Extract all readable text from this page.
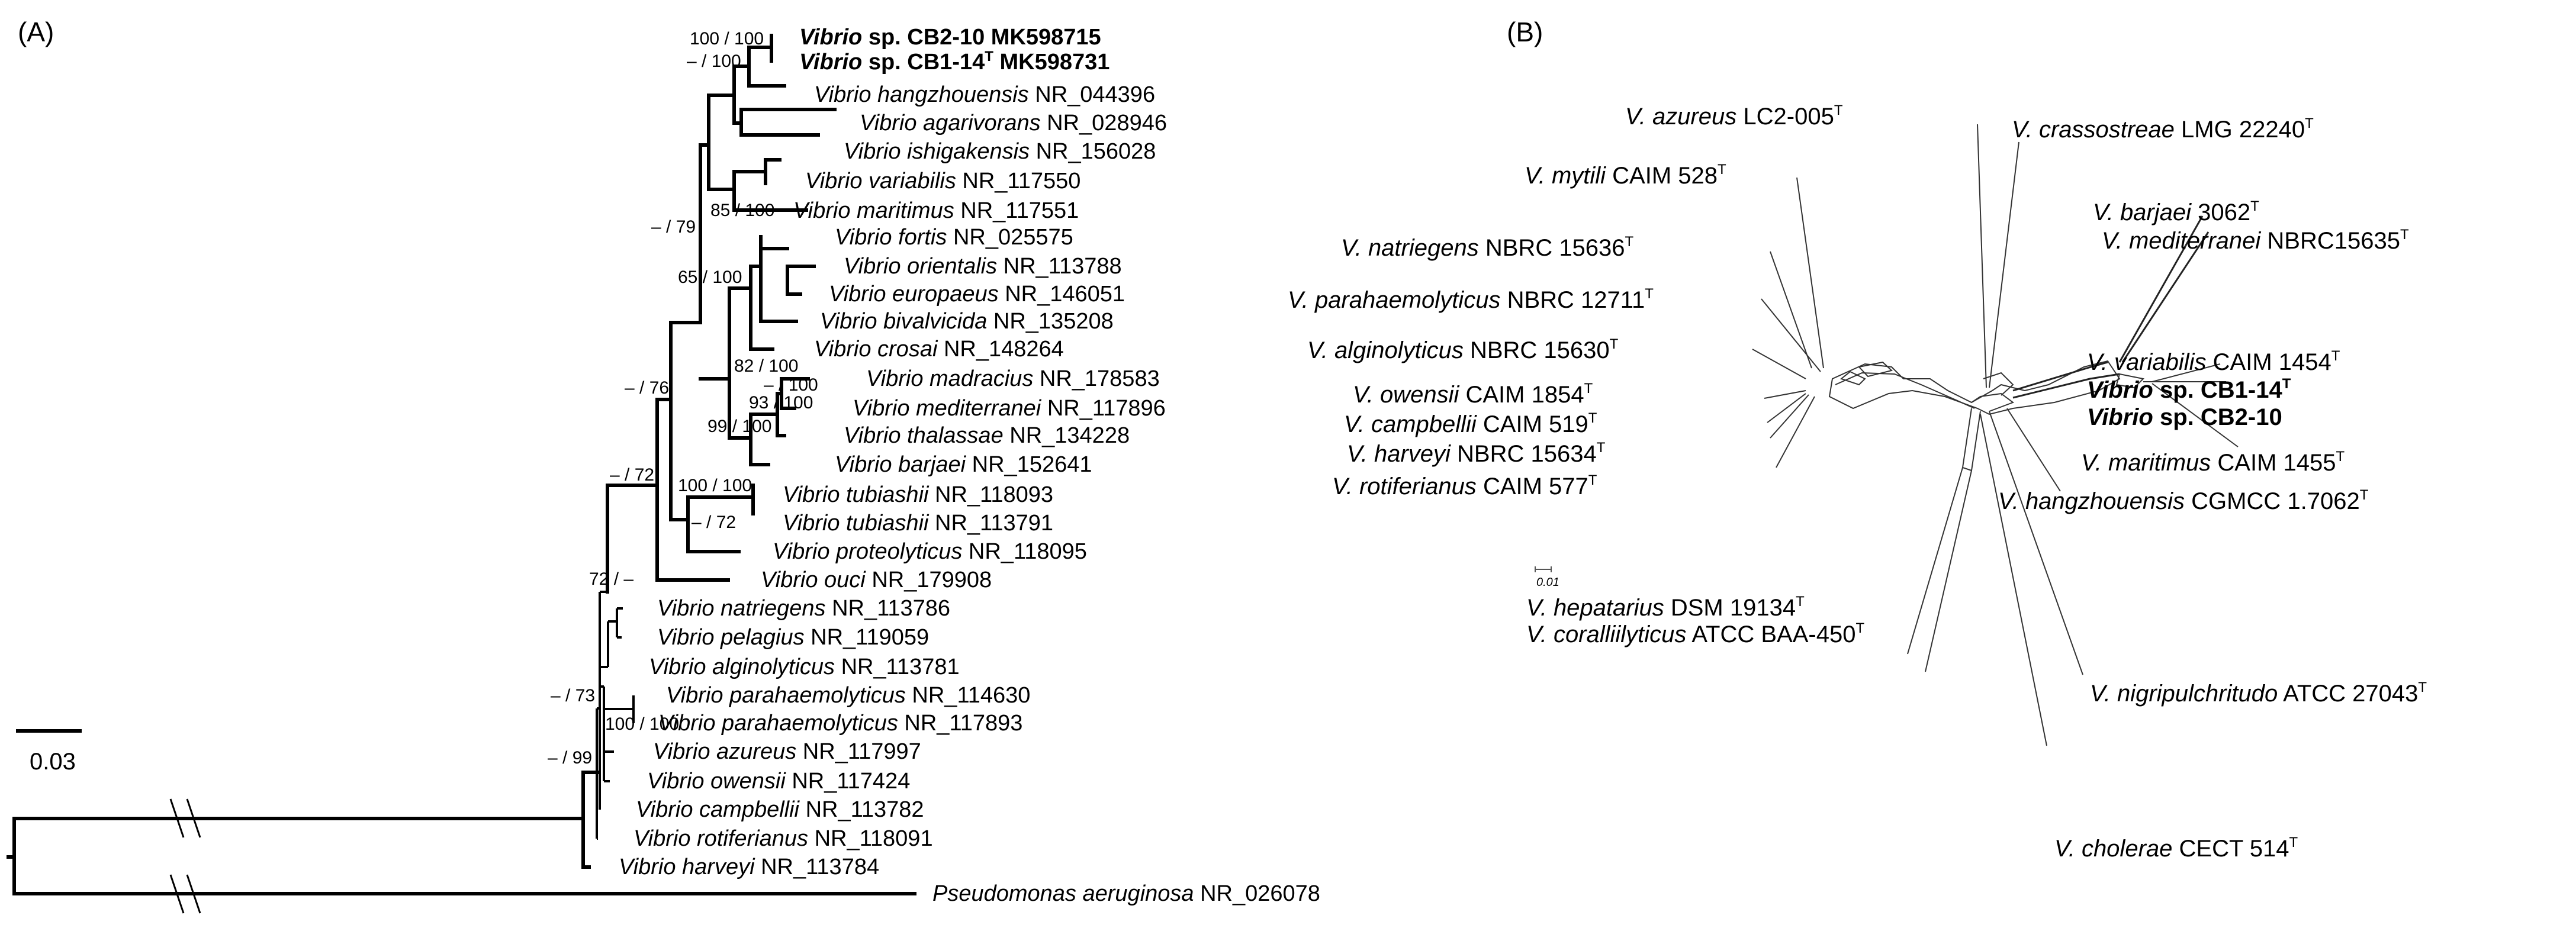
(A)	(B)
0.03
Vibrio sp. CB2-10 MK598715
Vibrio sp. $CB1-14^T$ MK598731
Vibrio hangzhouensis NR_044396
Vibrio agarivorans NR_028946
Vibrio ishigakensis NR_156028
Vibrio variabilis NR_117550
Vibrio maritimus NR_117551
Vibrio fortis NR_025575
Vibrio orientalis NR_113788
Vibrio europaeus NR_146051
Vibrio bivalvicida NR_135208
Vibrio crosai NR_148264
Vibrio madracius NR_178583
Vibrio mediterranei NR_117896
Vibrio thalassae NR_134228
Vibrio barjaei NR_152641
Vibrio tubiashii NR_118093
Vibrio tubiashii NR_113791
Vibrio proteolyticus NR_118095
Vibrio ouci NR_179908
Vibrio natriegens NR_113786
Vibrio pelagius NR_119059
Vibrio alginolyticus NR_113781
Vibrio parahaemolyticus NR_114630
Vibrio parahaemolyticus NR_117893
Vibrio azureus NR_117997
Vibrio owensii NR_117424
Vibrio campbellii NR_113782
Vibrio rotiferianus NR_118091
Vibrio harveyi NR_113784
Pseudomonas aeruginosa NR_026078
100 / 100
– / 100
85 / 100
– / 79
65 / 100
82 / 100
– / 100
93 / 100
99 / 100
– / 76
– / 72
100 / 100
– / 72
72 / –
– / 73
100 / 100
– / 99
0.01
V. azureus $LC2-005^T$
V. crassostreae LMG $22240^T$
V. mytili CAIM $528^T$
V. barjaei $3062^T$
V. mediterranei $NBRC15635^T$
V. natriegens NBRC $15636^T$
V. parahaemolyticus NBRC $12711^T$
V. alginolyticus NBRC $15630^T$
V. variabilis CAIM $1454^T$
Vibrio sp. $CB1-14^T$
Vibrio sp. CB2-10
V. owensii CAIM $1854^T$
V. campbellii CAIM $519^T$
V. harveyi NBRC $15634^T$
V. rotiferianus CAIM $577^T$
V. maritimus CAIM $1455^T$
V. hangzhouensis CGMCC $1.7062^T$
V. hepatarius DSM $19134^T$
V. coralliilyticus ATCC BAA-$450^T$
V. nigripulchritudo ATCC $27043^T$
V. cholerae CECT $514^T$
